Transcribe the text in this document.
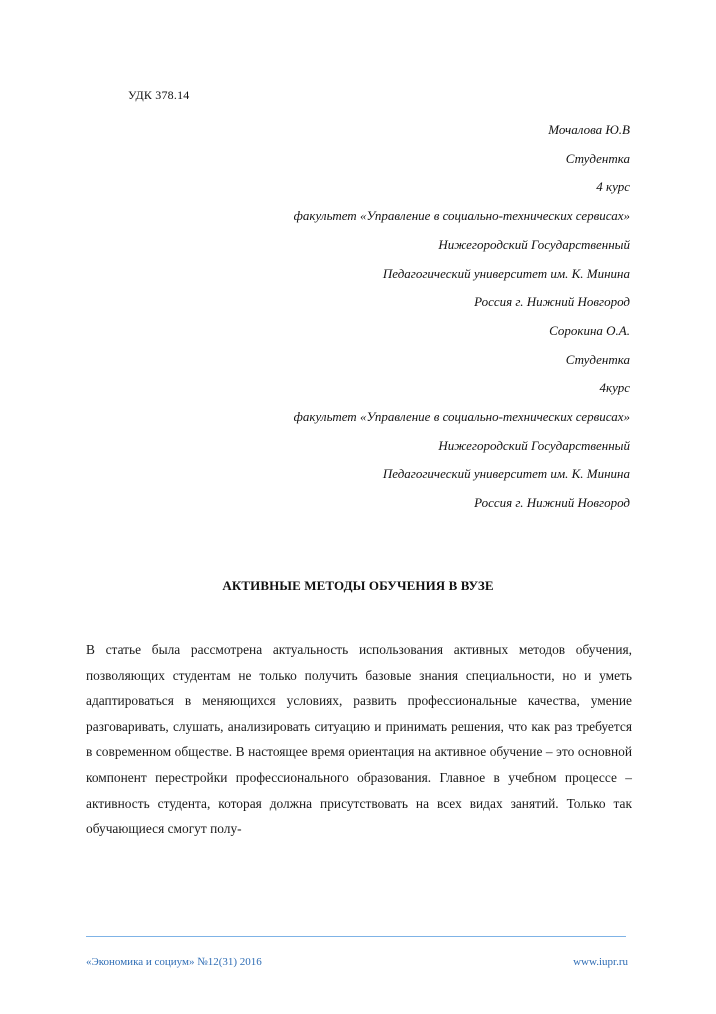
УДК 378.14
Мочалова Ю.В
Студентка
4 курс
факультет «Управление в социально-технических сервисах»
Нижегородский Государственный
Педагогический университет им. К. Минина
Россия г. Нижний Новгород
Сорокина О.А.
Студентка
4курс
факультет «Управление в социально-технических сервисах»
Нижегородский Государственный
Педагогический университет им. К. Минина
Россия г. Нижний Новгород
АКТИВНЫЕ МЕТОДЫ ОБУЧЕНИЯ В ВУЗЕ
В статье была рассмотрена актуальность использования активных методов обучения, позволяющих студентам не только получить базовые знания специальности, но и уметь адаптироваться в меняющихся условиях, развить профессиональные качества, умение разговаривать, слушать, анализировать ситуацию и принимать решения, что как раз требуется в современном обществе. В настоящее время ориентация на активное обучение – это основной компонент перестройки профессионального образования. Главное в учебном процессе – активность студента, которая должна присутствовать на всех видах занятий. Только так обучающиеся смогут полу-
«Экономика и социум» №12(31) 2016	www.iupr.ru
